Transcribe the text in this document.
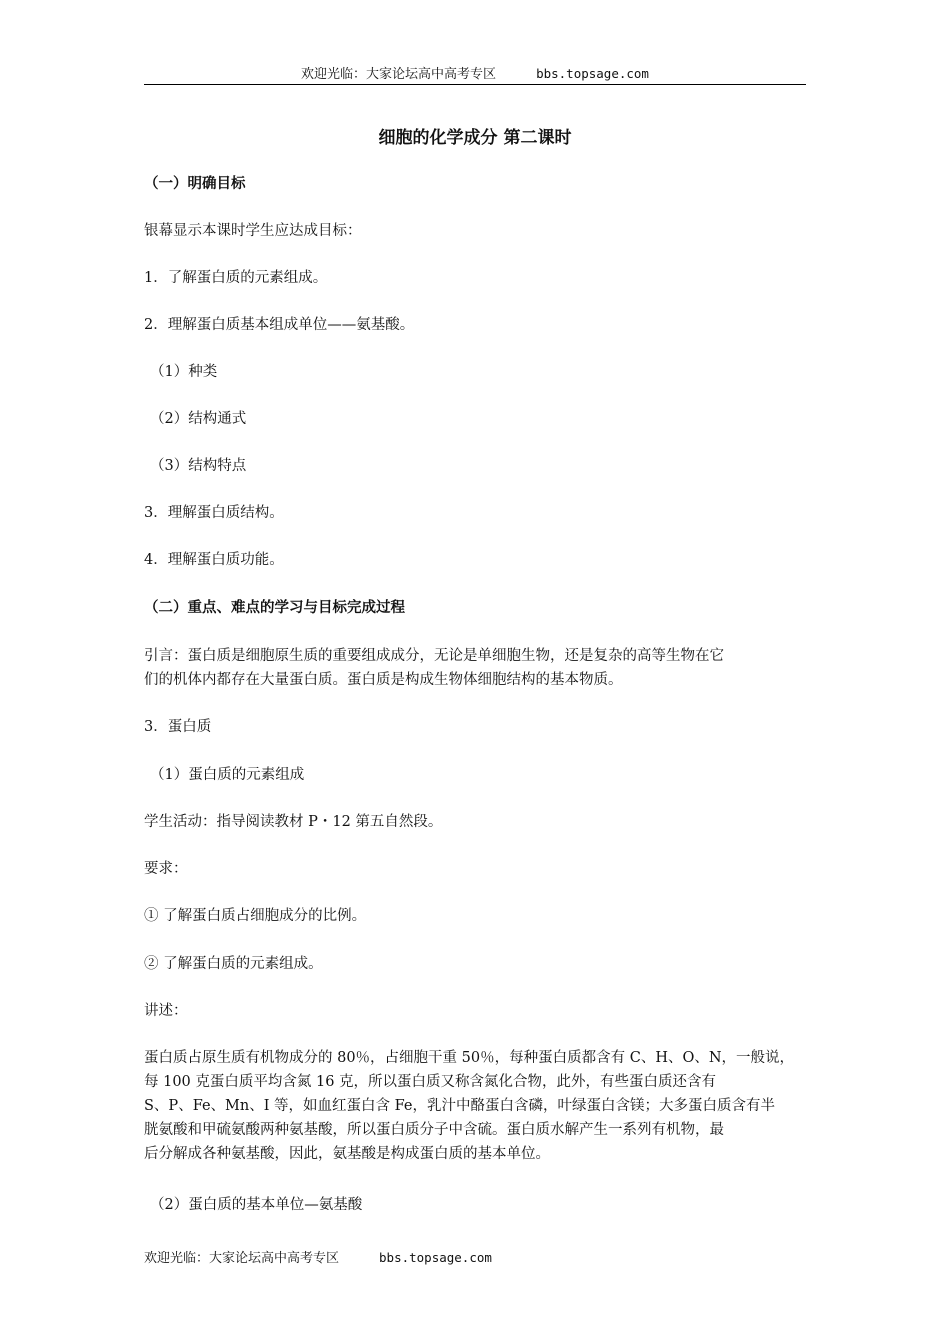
欢迎光临：大家论坛高中高考专区	bbs.topsage.com
细胞的化学成分 第二课时
（一）明确目标
银幕显示本课时学生应达成目标：
1．了解蛋白质的元素组成。
2．理解蛋白质基本组成单位——氨基酸。
（1）种类
（2）结构通式
（3）结构特点
3．理解蛋白质结构。
4．理解蛋白质功能。
（二）重点、难点的学习与目标完成过程
引言：蛋白质是细胞原生质的重要组成成分，无论是单细胞生物，还是复杂的高等生物在它
们的机体内都存在大量蛋白质。蛋白质是构成生物体细胞结构的基本物质。
3．蛋白质
（1）蛋白质的元素组成
学生活动：指导阅读教材 P・12 第五自然段。
要求：
① 了解蛋白质占细胞成分的比例。
② 了解蛋白质的元素组成。
讲述：
蛋白质占原生质有机物成分的 80％，占细胞干重 50％，每种蛋白质都含有 C、H、O、N，一般说，
每 100 克蛋白质平均含氮 16 克，所以蛋白质又称含氮化合物，此外，有些蛋白质还含有
S、P、Fe、Mn、I 等，如血红蛋白含 Fe，乳汁中酪蛋白含磷，叶绿蛋白含镁；大多蛋白质含有半
胱氨酸和甲硫氨酸两种氨基酸，所以蛋白质分子中含硫。蛋白质水解产生一系列有机物，最
后分解成各种氨基酸，因此，氨基酸是构成蛋白质的基本单位。
（2）蛋白质的基本单位—氨基酸
欢迎光临：大家论坛高中高考专区	bbs.topsage.com
